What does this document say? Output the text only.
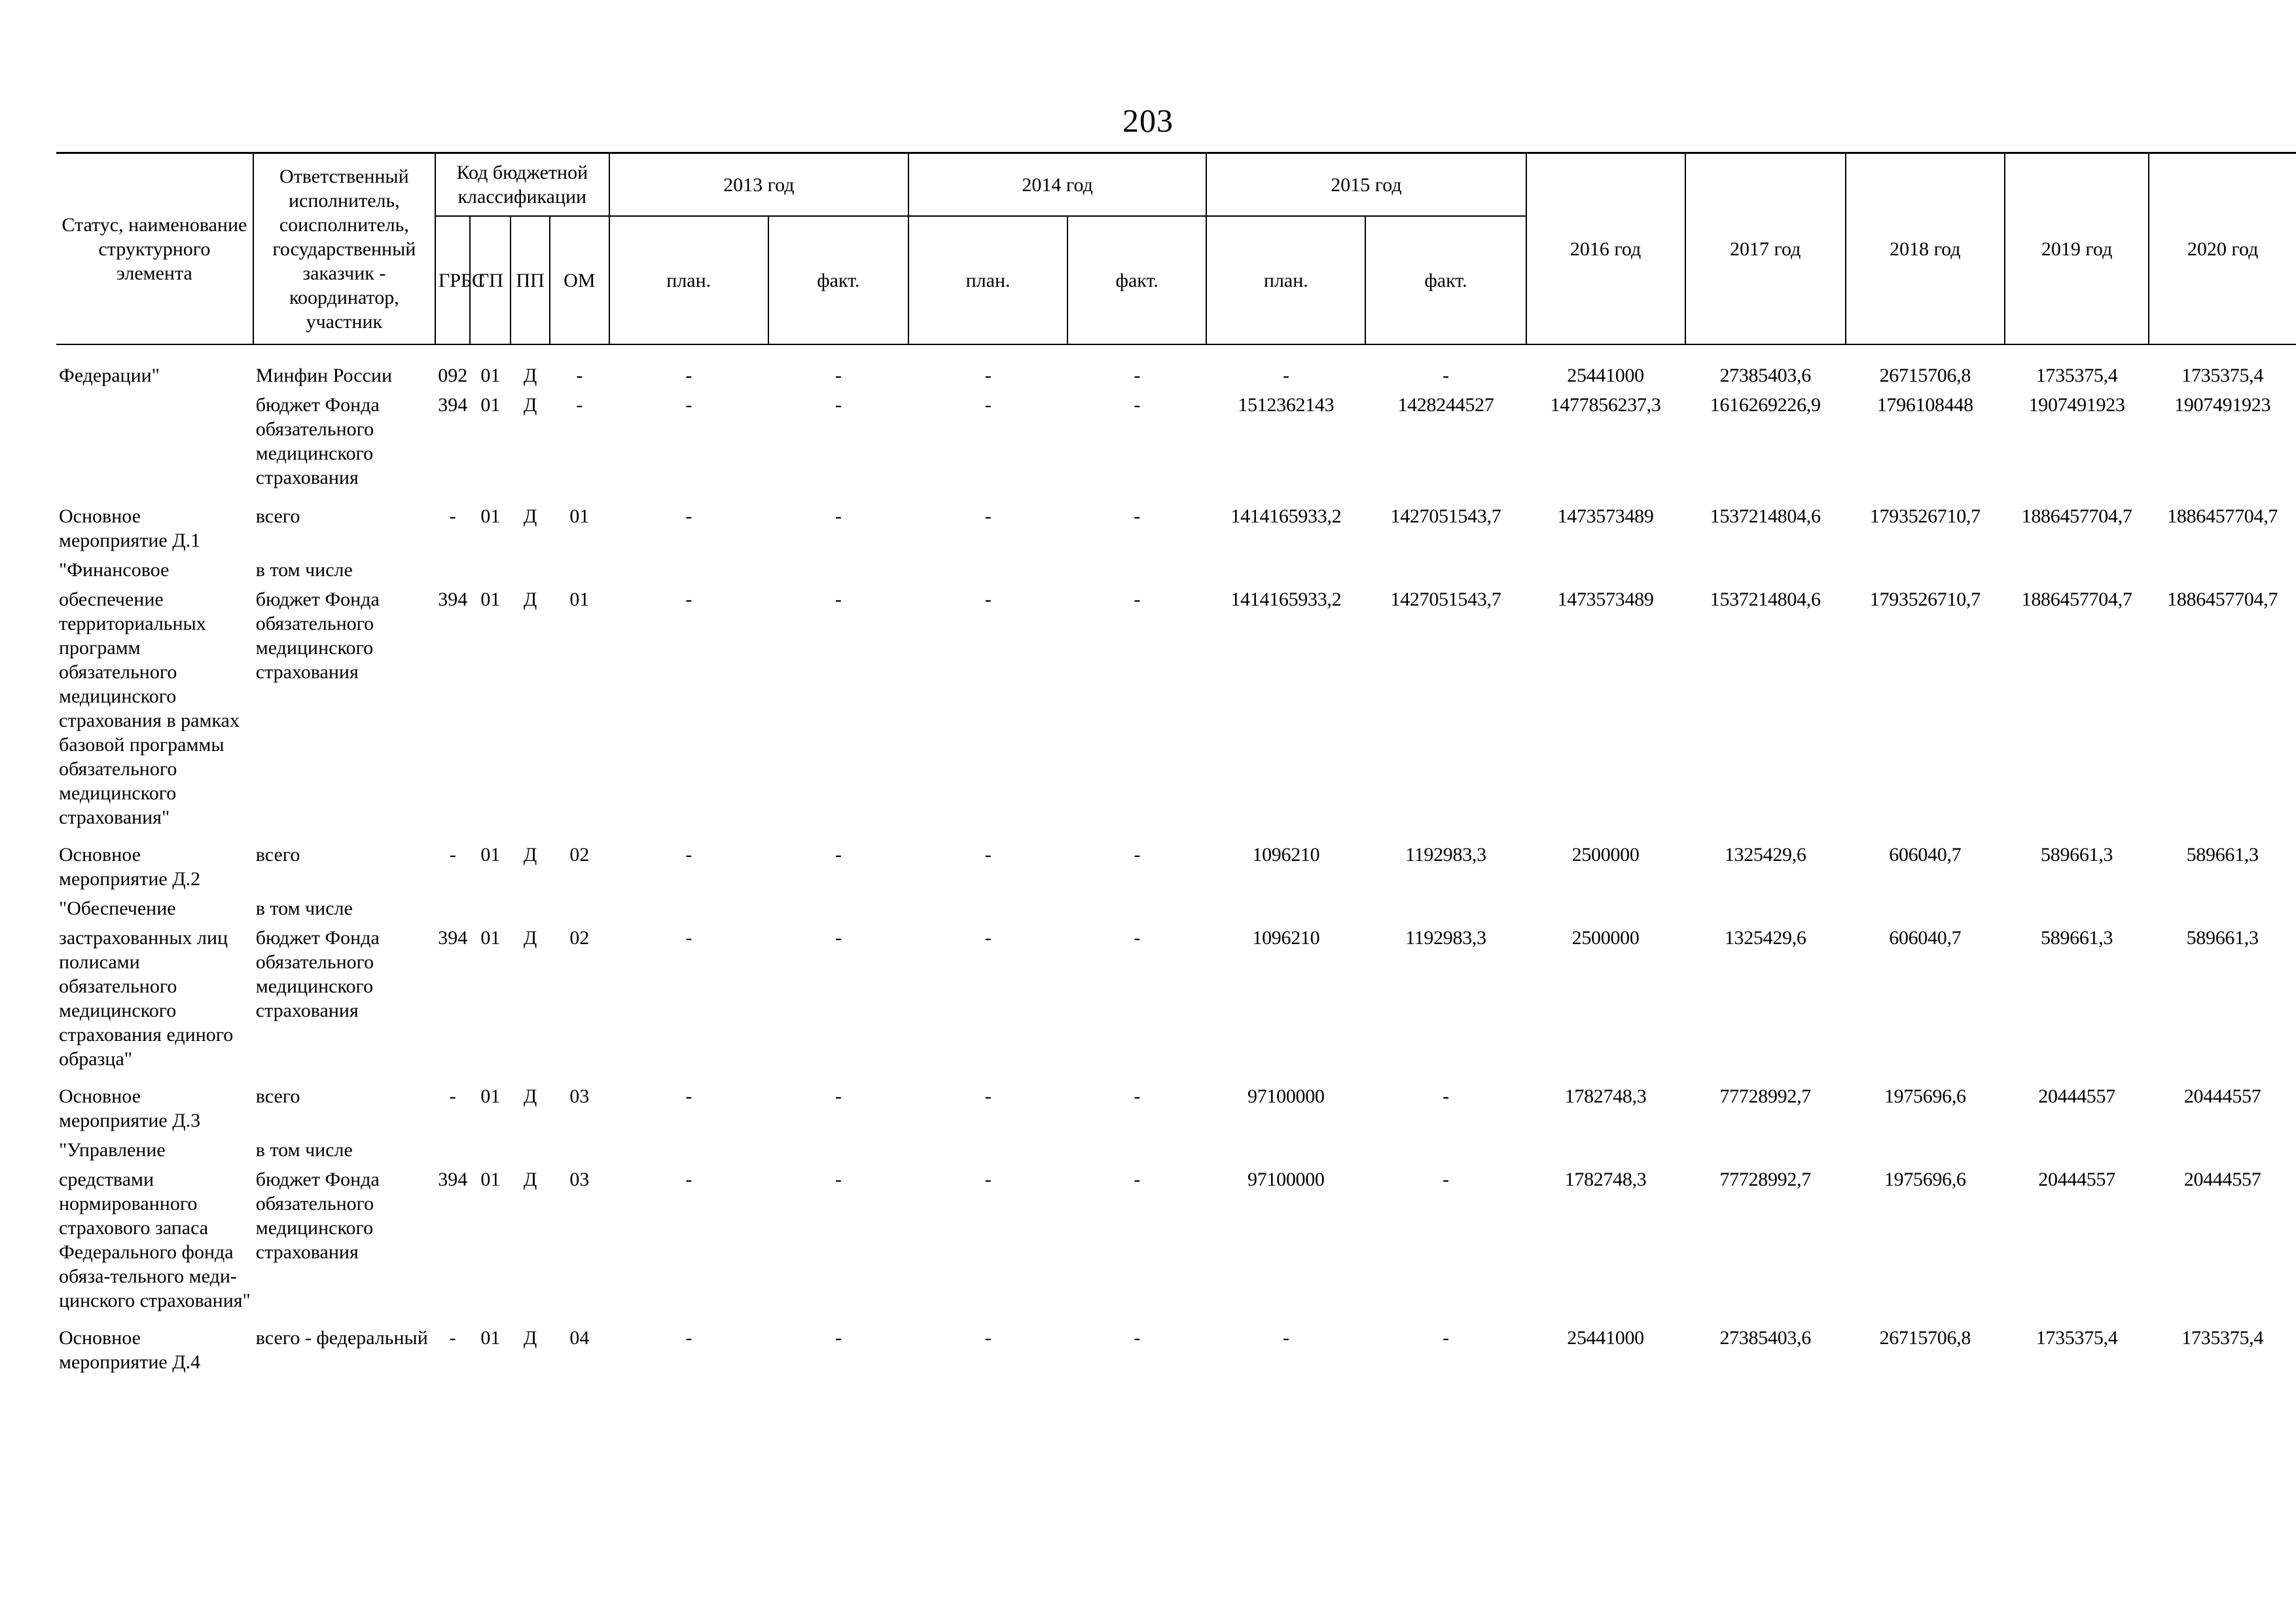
203
Статус, наименование структурного элемента	Ответственный исполнитель, соисполнитель, государственный заказчик - координатор, участник	Код бюджетной классификации				2013 год		2014 год		2015 год		2016 год	2017 год	2018 год	2019 год	2020 год
		ГРБС	ГП	ПП	ОМ	план.	факт.	план.	факт.	план.	факт.					

Федерации"	Минфин России	092	01	Д	-	-	-	-	-	-	-	25441000	27385403,6	26715706,8	1735375,4	1735375,4
	бюджет Фонда обязательного медицинского страхования	394	01	Д	-	-	-	-	-	1512362143	1428244527	1477856237,3	1616269226,9	1796108448	1907491923	1907491923

Основное мероприятие Д.1	всего	-	01	Д	01	-	-	-	-	1414165933,2	1427051543,7	1473573489	1537214804,6	1793526710,7	1886457704,7	1886457704,7
"Финансовое	в том числе															
обеспечение территориальных программ обязательного медицинского страхования в рамках базовой программы обязательного медицинского страхования"	бюджет Фонда обязательного медицинского страхования	394	01	Д	01	-	-	-	-	1414165933,2	1427051543,7	1473573489	1537214804,6	1793526710,7	1886457704,7	1886457704,7

Основное мероприятие Д.2	всего	-	01	Д	02	-	-	-	-	1096210	1192983,3	2500000	1325429,6	606040,7	589661,3	589661,3
"Обеспечение	в том числе															
застрахованных лиц полисами обязательного медицинского страхования единого образца"	бюджет Фонда обязательного медицинского страхования	394	01	Д	02	-	-	-	-	1096210	1192983,3	2500000	1325429,6	606040,7	589661,3	589661,3

Основное мероприятие Д.3	всего	-	01	Д	03	-	-	-	-	97100000	-	1782748,3	77728992,7	1975696,6	20444557	20444557
"Управление	в том числе															
средствами нормированного страхового запаса Федерального фонда обяза-тельного меди-цинского страхования"	бюджет Фонда обязательного медицинского страхования	394	01	Д	03	-	-	-	-	97100000	-	1782748,3	77728992,7	1975696,6	20444557	20444557

Основное мероприятие Д.4	всего - федеральный	-	01	Д	04	-	-	-	-	-	-	25441000	27385403,6	26715706,8	1735375,4	1735375,4
